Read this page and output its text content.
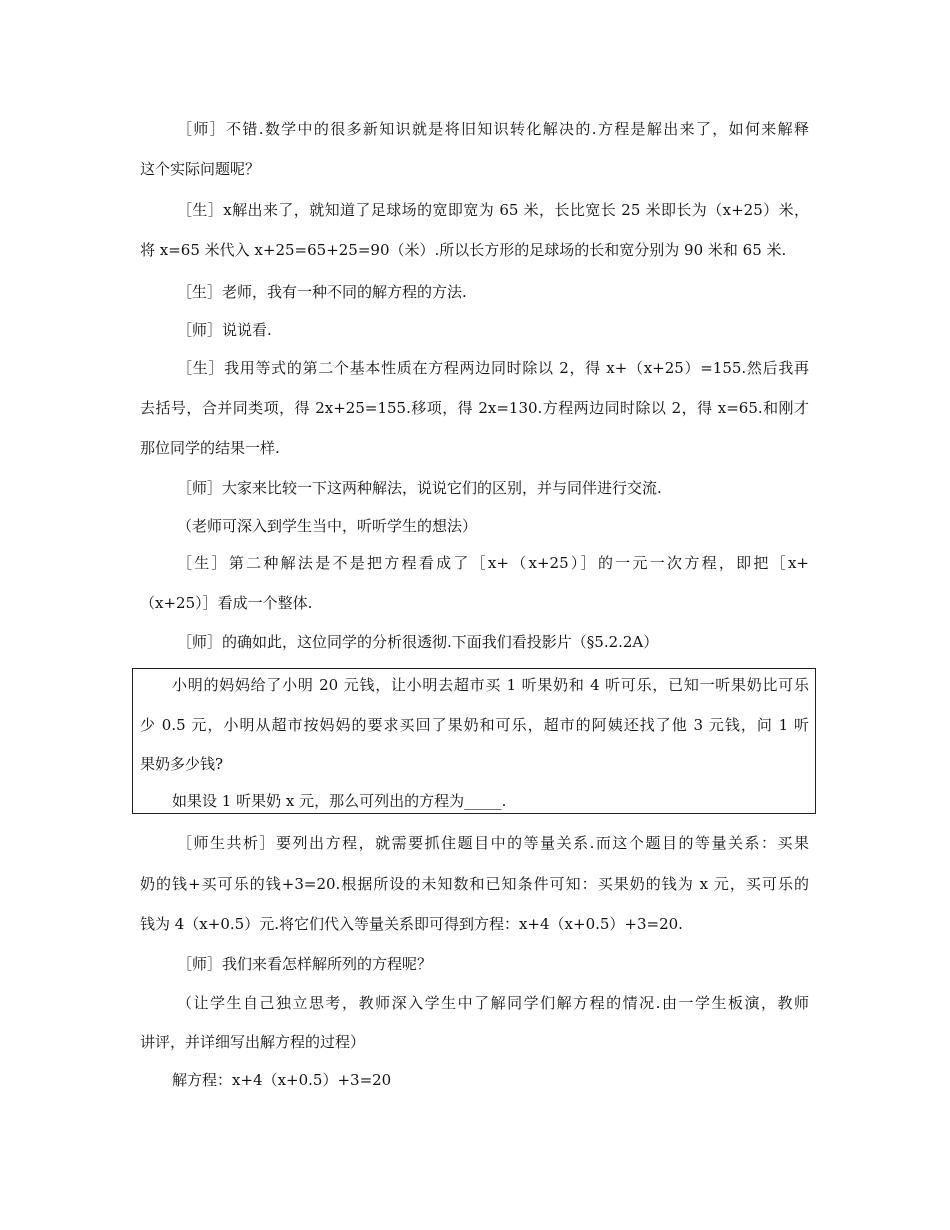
［师］不错.数学中的很多新知识就是将旧知识转化解决的.方程是解出来了，如何来解释
这个实际问题呢？
［生］x解出来了，就知道了足球场的宽即宽为 65 米，长比宽长 25 米即长为（x+25）米，
将 x=65 米代入 x+25=65+25=90（米）.所以长方形的足球场的长和宽分别为 90 米和 65 米.
［生］老师，我有一种不同的解方程的方法.
［师］说说看.
［生］我用等式的第二个基本性质在方程两边同时除以 2，得 x+（x+25）=155.然后我再
去括号，合并同类项，得 2x+25=155.移项，得 2x=130.方程两边同时除以 2，得 x=65.和刚才
那位同学的结果一样.
［师］大家来比较一下这两种解法，说说它们的区别，并与同伴进行交流.
（老师可深入到学生当中，听听学生的想法）
［生］第二种解法是不是把方程看成了［x+（x+25）］的一元一次方程，即把［x+
（x+25）］看成一个整体.
［师］的确如此，这位同学的分析很透彻.下面我们看投影片（§5.2.2A）
小明的妈妈给了小明 20 元钱，让小明去超市买 1 听果奶和 4 听可乐，已知一听果奶比可乐
少 0.5 元，小明从超市按妈妈的要求买回了果奶和可乐，超市的阿姨还找了他 3 元钱，问 1 听
果奶多少钱?
如果设 1 听果奶 x 元，那么可列出的方程为_____.
［师生共析］要列出方程，就需要抓住题目中的等量关系.而这个题目的等量关系：买果
奶的钱+买可乐的钱+3=20.根据所设的未知数和已知条件可知：买果奶的钱为 x 元，买可乐的
钱为 4（x+0.5）元.将它们代入等量关系即可得到方程：x+4（x+0.5）+3=20.
［师］我们来看怎样解所列的方程呢？
（让学生自己独立思考，教师深入学生中了解同学们解方程的情况.由一学生板演，教师
讲评，并详细写出解方程的过程）
解方程：x+4（x+0.5）+3=20
